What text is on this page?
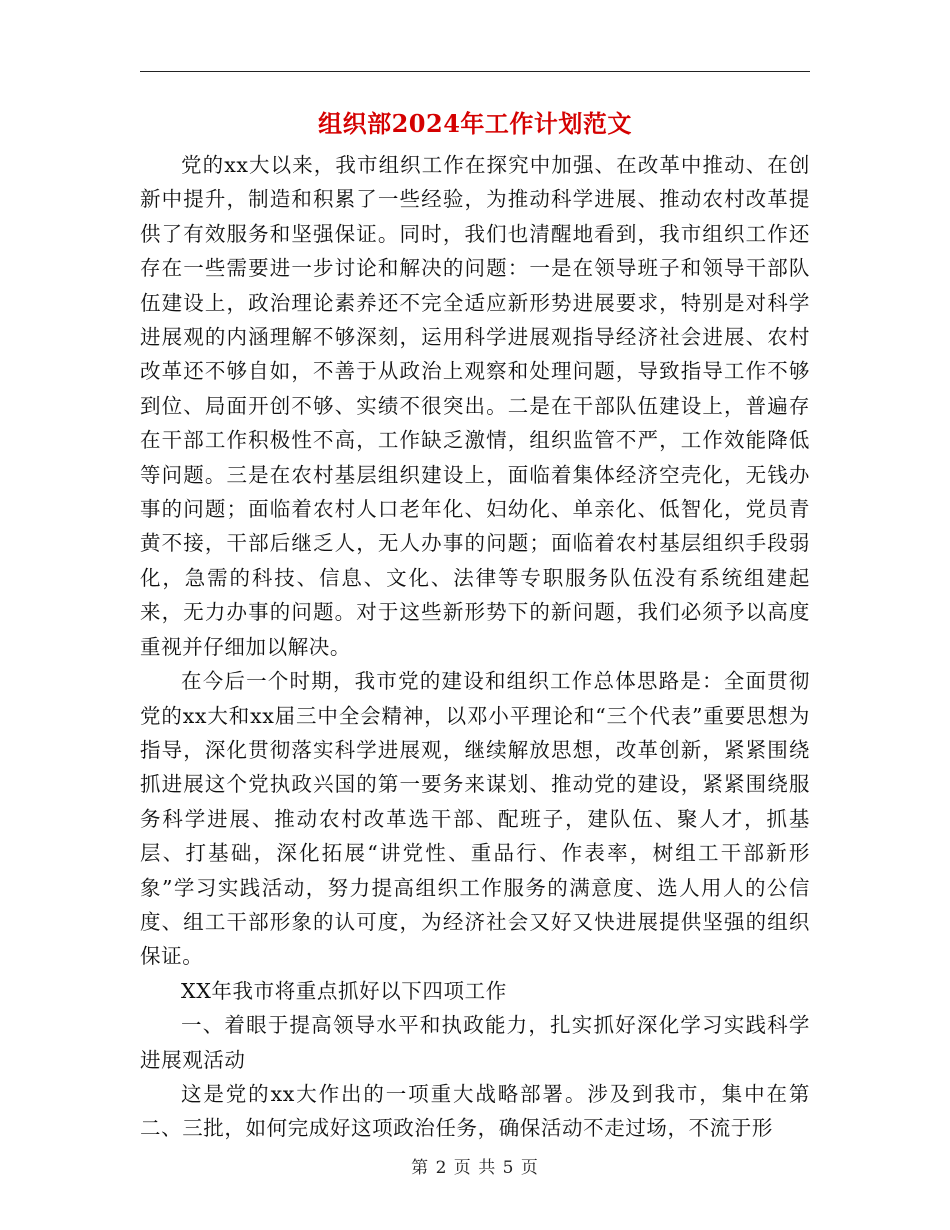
组织部2024年工作计划范文

党的xx大以来，我市组织工作在探究中加强、在改革中推动、在创新中提升，制造和积累了一些经验，为推动科学进展、推动农村改革提供了有效服务和坚强保证。同时，我们也清醒地看到，我市组织工作还存在一些需要进一步讨论和解决的问题：一是在领导班子和领导干部队伍建设上，政治理论素养还不完全适应新形势进展要求，特别是对科学进展观的内涵理解不够深刻，运用科学进展观指导经济社会进展、农村改革还不够自如，不善于从政治上观察和处理问题，导致指导工作不够到位、局面开创不够、实绩不很突出。二是在干部队伍建设上，普遍存在干部工作积极性不高，工作缺乏激情，组织监管不严，工作效能降低等问题。三是在农村基层组织建设上，面临着集体经济空壳化，无钱办事的问题；面临着农村人口老年化、妇幼化、单亲化、低智化，党员青黄不接，干部后继乏人，无人办事的问题；面临着农村基层组织手段弱化，急需的科技、信息、文化、法律等专职服务队伍没有系统组建起来，无力办事的问题。对于这些新形势下的新问题，我们必须予以高度重视并仔细加以解决。

在今后一个时期，我市党的建设和组织工作总体思路是：全面贯彻党的xx大和xx届三中全会精神，以邓小平理论和“三个代表”重要思想为指导，深化贯彻落实科学进展观，继续解放思想，改革创新，紧紧围绕抓进展这个党执政兴国的第一要务来谋划、推动党的建设，紧紧围绕服务科学进展、推动农村改革选干部、配班子，建队伍、聚人才，抓基层、打基础，深化拓展“讲党性、重品行、作表率，树组工干部新形象”学习实践活动，努力提高组织工作服务的满意度、选人用人的公信度、组工干部形象的认可度，为经济社会又好又快进展提供坚强的组织保证。

XX年我市将重点抓好以下四项工作

一、着眼于提高领导水平和执政能力，扎实抓好深化学习实践科学进展观活动

这是党的xx大作出的一项重大战略部署。涉及到我市，集中在第二、三批，如何完成好这项政治任务，确保活动不走过场，不流于形

第 2 页 共 5 页
